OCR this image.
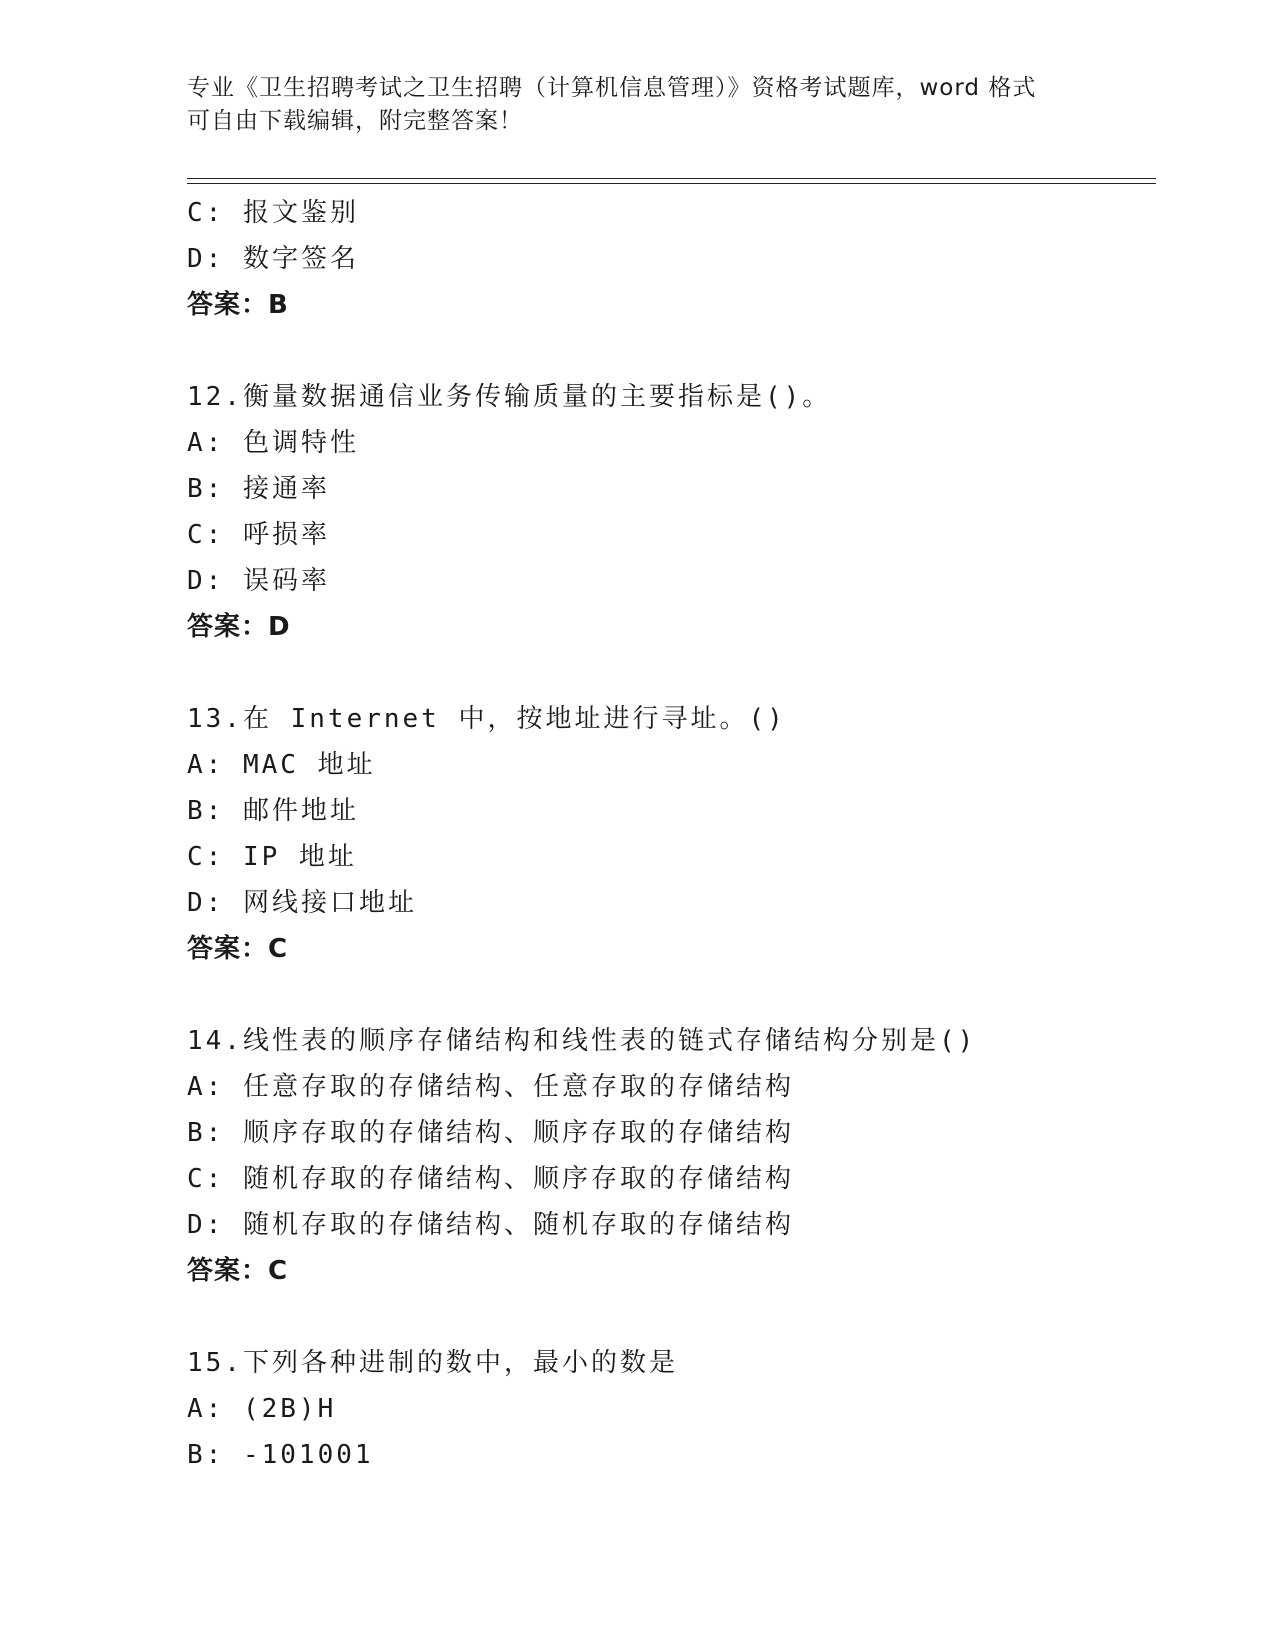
专业《卫生招聘考试之卫生招聘（计算机信息管理）》资格考试题库，word 格式
可自由下载编辑，附完整答案！
C: 报文鉴别
D: 数字签名
答案：B
12.衡量数据通信业务传输质量的主要指标是()。
A: 色调特性
B: 接通率
C: 呼损率
D: 误码率
答案：D
13.在 Internet 中，按地址进行寻址。()
A: MAC 地址
B: 邮件地址
C: IP 地址
D: 网线接口地址
答案：C
14.线性表的顺序存储结构和线性表的链式存储结构分别是()
A: 任意存取的存储结构、任意存取的存储结构
B: 顺序存取的存储结构、顺序存取的存储结构
C: 随机存取的存储结构、顺序存取的存储结构
D: 随机存取的存储结构、随机存取的存储结构
答案：C
15.下列各种进制的数中，最小的数是
A: (2B)H
B: -101001
